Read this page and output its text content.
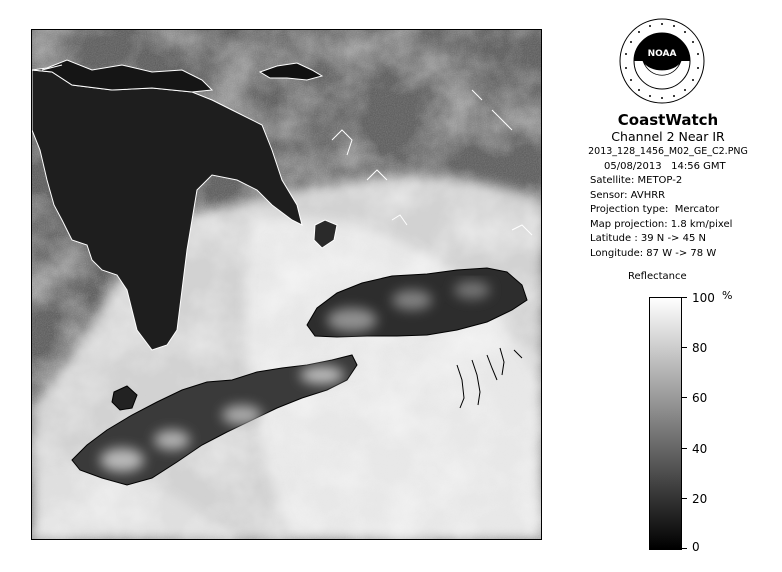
NOAA
CoastWatch
Channel 2 Near IR
2013_128_1456_M02_GE_C2.PNG
05/08/2013   14:56 GMT
Satellite: METOP-2
Sensor: AVHRR
Projection type:  Mercator
Map projection: 1.8 km/pixel
Latitude : 39 N -> 45 N
Longitude: 87 W -> 78 W
Reflectance
%
100
80
60
40
20
0
